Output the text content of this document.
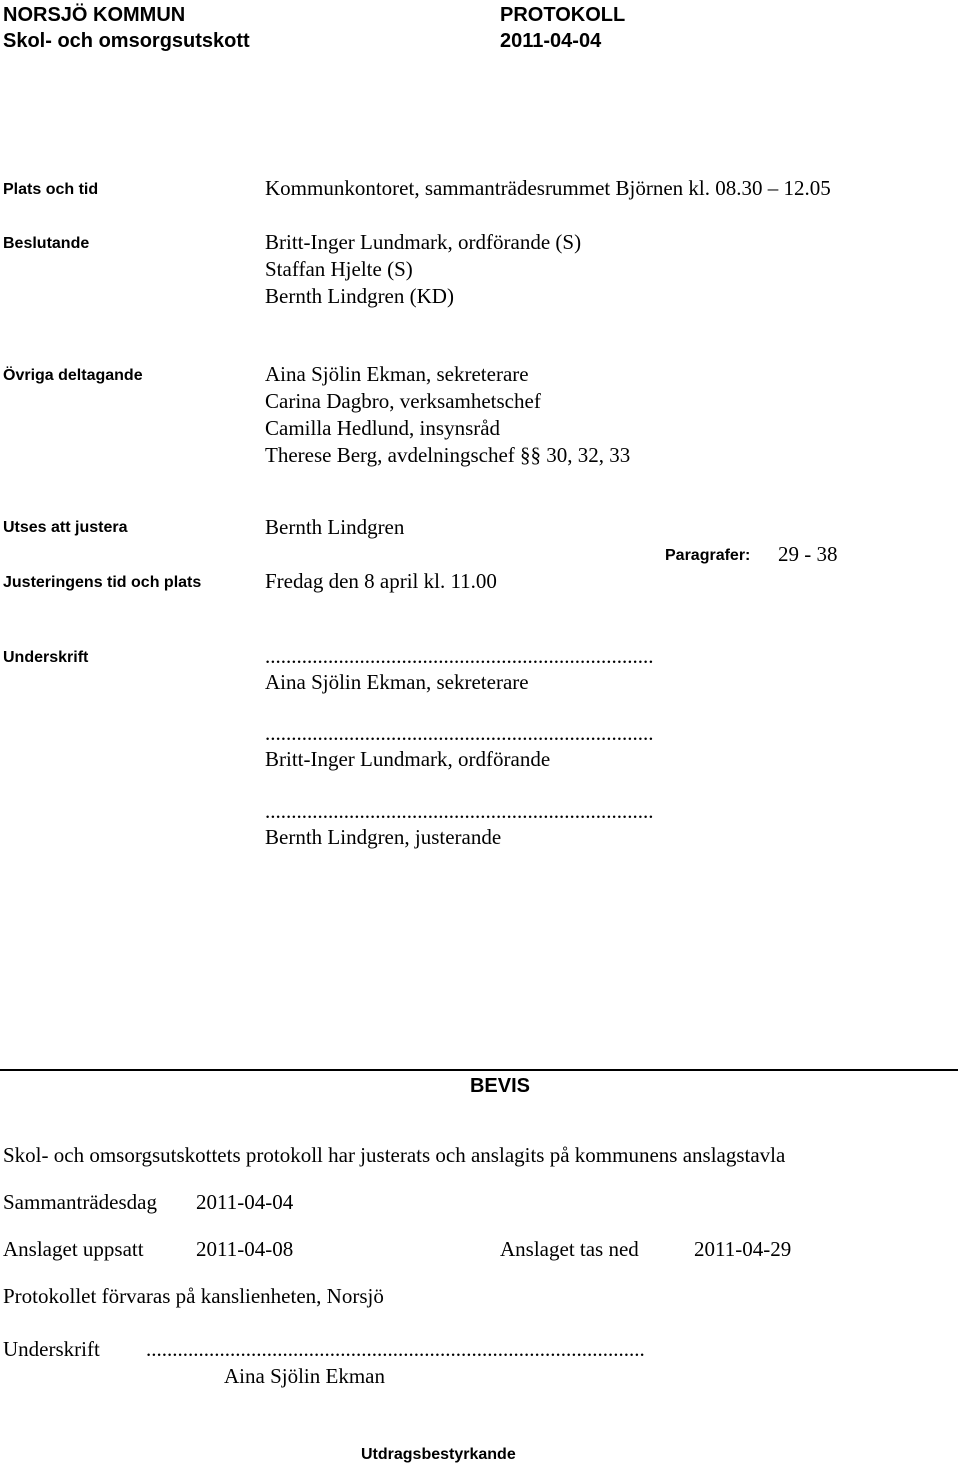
NORSJÖ KOMMUN
Skol- och omsorgsutskott
PROTOKOLL
2011-04-04
Plats och tid	Kommunkontoret, sammanträdesrummet Björnen kl. 08.30 – 12.05
Beslutande	Britt-Inger Lundmark, ordförande (S)
Staffan Hjelte (S)
Bernth Lindgren (KD)
Övriga deltagande	Aina Sjölin Ekman, sekreterare
Carina Dagbro, verksamhetschef
Camilla Hedlund, insynsråd
Therese Berg, avdelningschef §§ 30, 32, 33
Utses att justera	Bernth Lindgren
Paragrafer: 29 - 38
Justeringens tid och plats	Fredag den 8 april kl. 11.00
Underskrift	..........................................................................
Aina Sjölin Ekman, sekreterare
..........................................................................
Britt-Inger Lundmark, ordförande
..........................................................................
Bernth Lindgren, justerande
BEVIS
Skol- och omsorgsutskottets protokoll har justerats och anslagits på kommunens anslagstavla
Sammanträdesdag 2011-04-04
Anslaget uppsatt 2011-04-08	Anslaget tas ned	2011-04-29
Protokollet förvaras på kanslienheten, Norsjö
Underskrift ...............................................................................................
Aina Sjölin Ekman
Utdragsbestyrkande
